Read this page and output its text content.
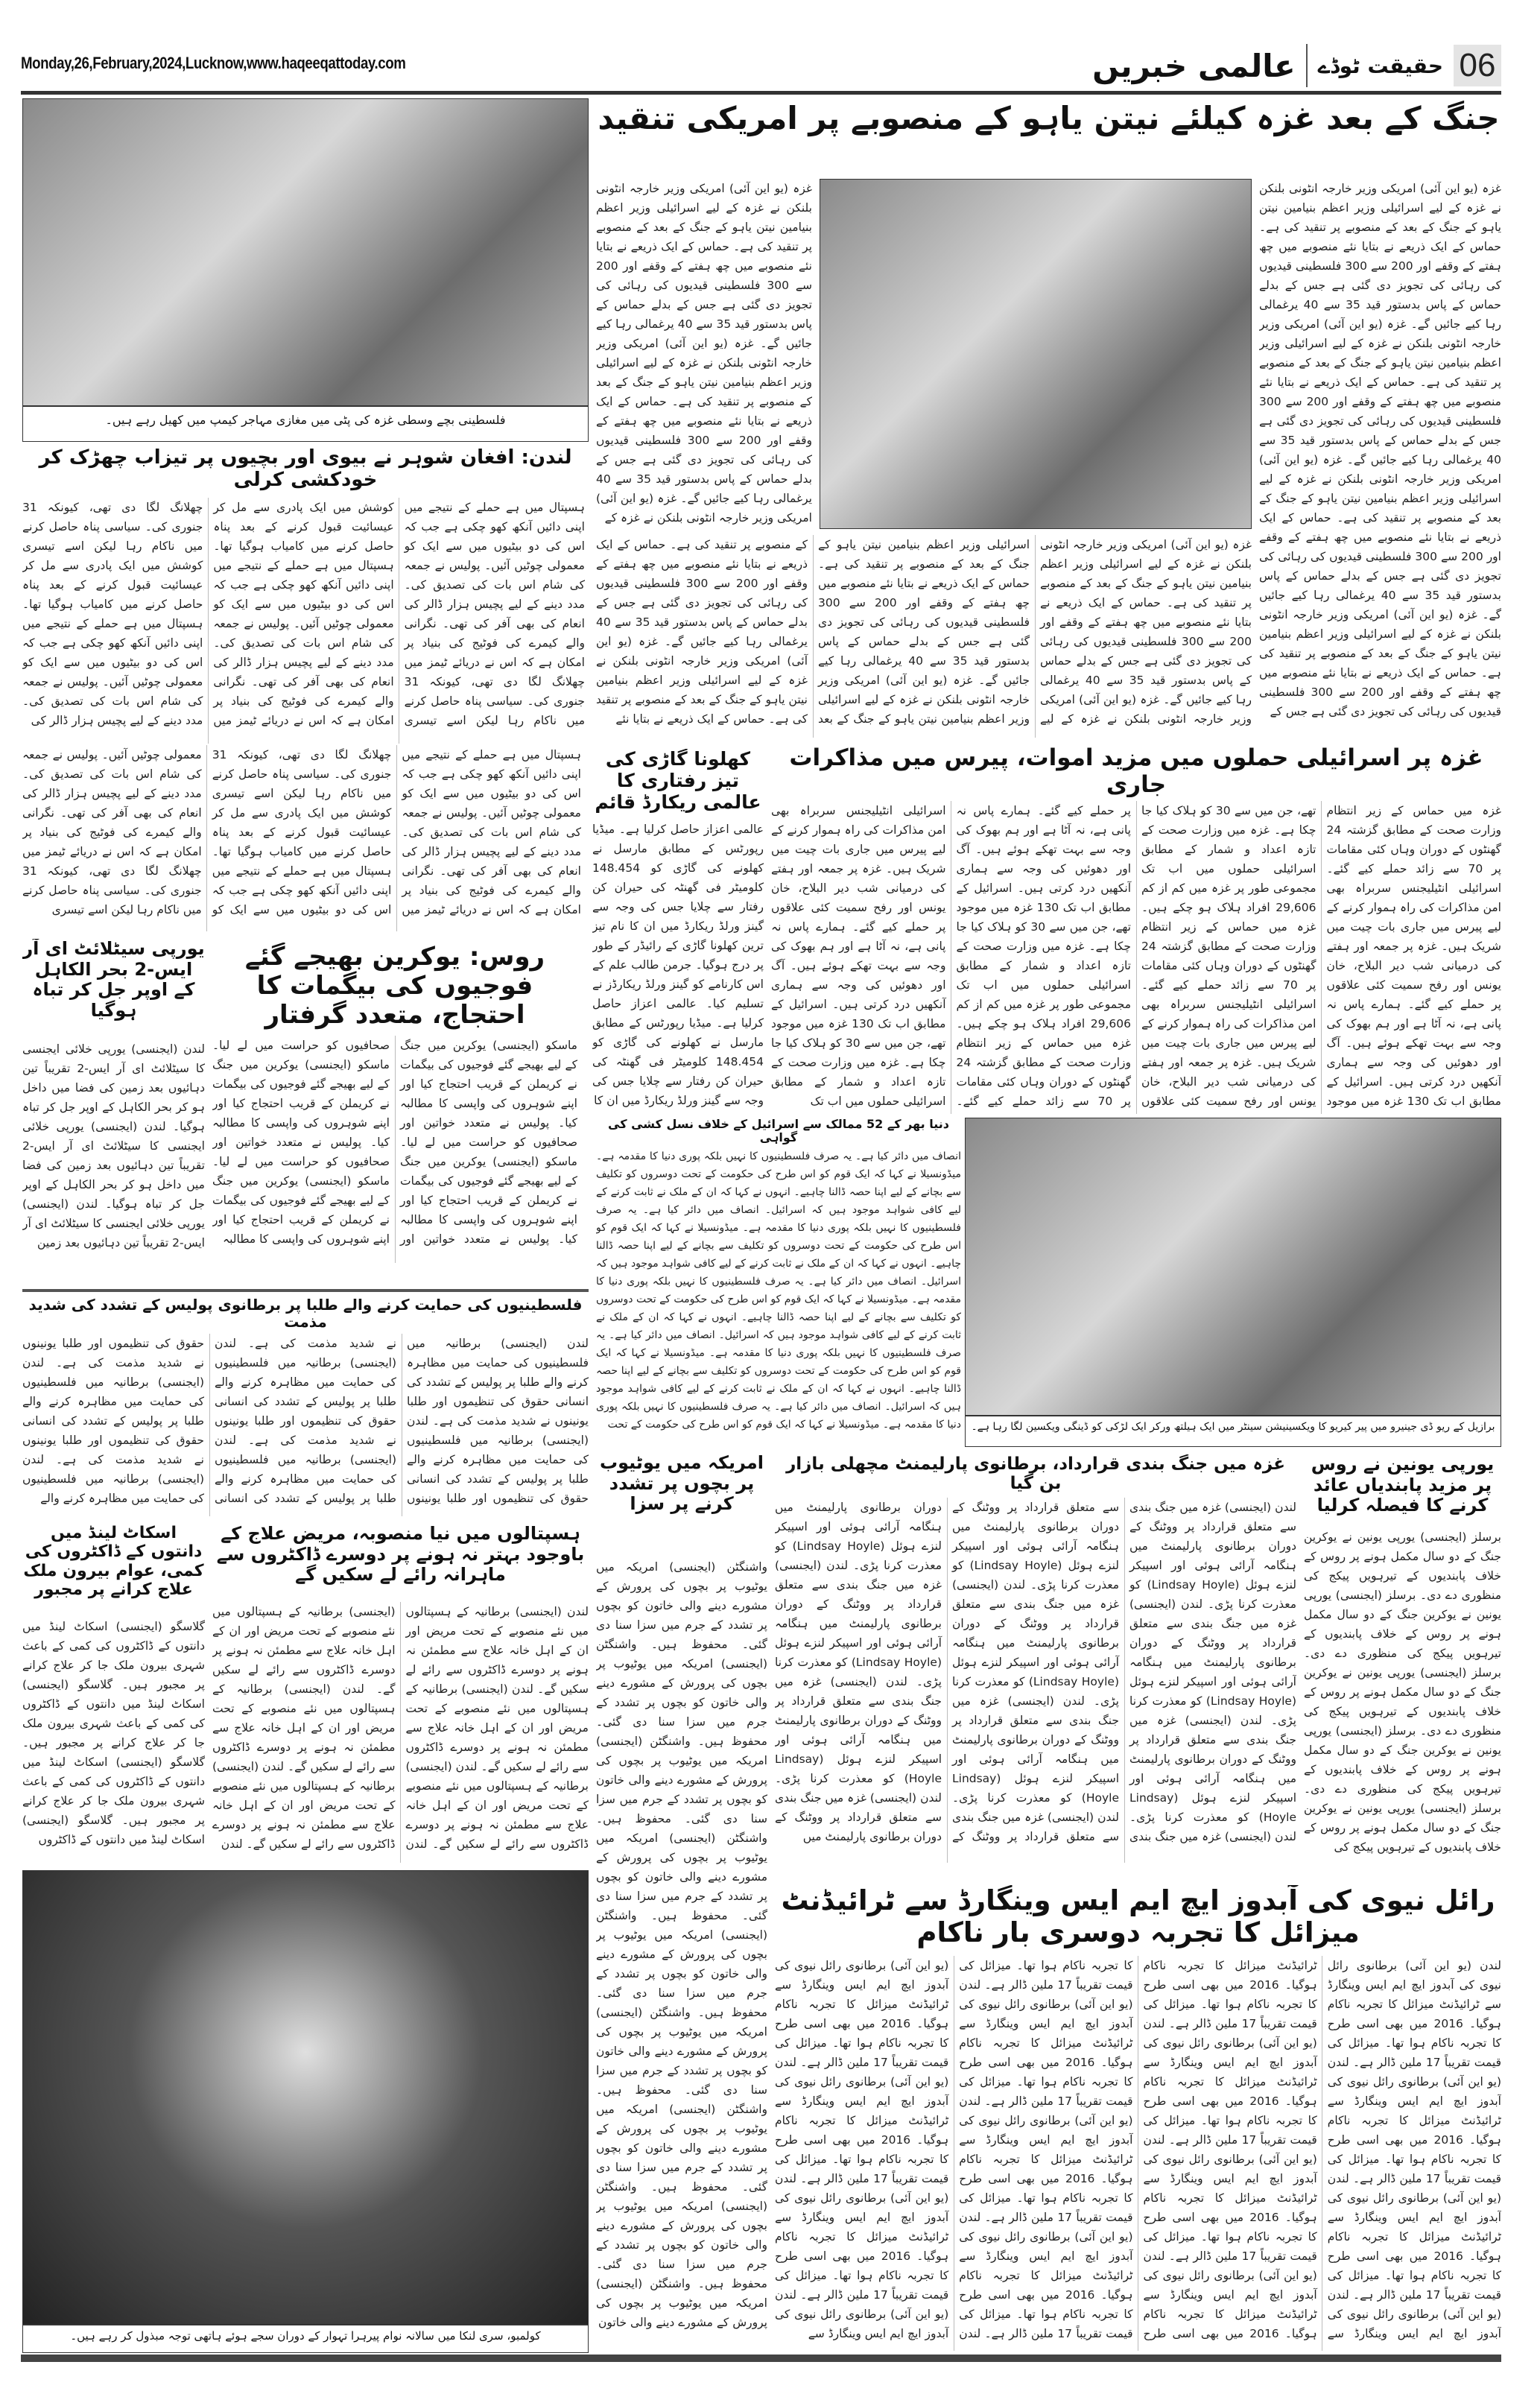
Monday,26,February,2024,Lucknow,www.haqeeqattoday.com	06
حقیقت ٹوڈے
عالمی خبریں
فلسطینی بچے وسطی غزہ کی پٹی میں مغازی مہاجر کیمپ میں کھیل رہے ہیں۔
جنگ کے بعد غزہ کیلئے نیتن یاہو کے منصوبے پر امریکی تنقید
غزہ (یو این آئی) امریکی وزیر خارجہ انٹونی بلنکن نے غزہ کے لیے اسرائیلی وزیر اعظم بنیامین نیتن یاہو کے جنگ کے بعد کے منصوبے پر تنقید کی ہے۔ حماس کے ایک ذریعے نے بتایا نئے منصوبے میں چھ ہفتے کے وقفے اور 200 سے 300 فلسطینی قیدیوں کی رہائی کی تجویز دی گئی ہے جس کے بدلے حماس کے پاس بدستور قید 35 سے 40 یرغمالی رہا کیے جائیں گے۔ غزہ (یو این آئی) امریکی وزیر خارجہ انٹونی بلنکن نے غزہ کے لیے اسرائیلی وزیر اعظم بنیامین نیتن یاہو کے جنگ کے بعد کے منصوبے پر تنقید کی ہے۔ حماس کے ایک ذریعے نے بتایا نئے منصوبے میں چھ ہفتے کے وقفے اور 200 سے 300 فلسطینی قیدیوں کی رہائی کی تجویز دی گئی ہے جس کے بدلے حماس کے پاس بدستور قید 35 سے 40 یرغمالی رہا کیے جائیں گے۔ غزہ (یو این آئی) امریکی وزیر خارجہ انٹونی بلنکن نے غزہ کے لیے اسرائیلی وزیر اعظم بنیامین نیتن یاہو کے جنگ کے بعد کے منصوبے پر تنقید کی ہے۔ حماس کے ایک ذریعے نے بتایا نئے منصوبے میں چھ ہفتے کے وقفے اور 200 سے 300 فلسطینی قیدیوں کی رہائی کی تجویز دی گئی ہے جس کے بدلے حماس کے پاس بدستور قید 35 سے 40 یرغمالی رہا کیے جائیں گے۔ غزہ (یو این آئی) امریکی وزیر خارجہ انٹونی بلنکن نے غزہ کے لیے اسرائیلی وزیر اعظم بنیامین نیتن یاہو کے جنگ کے بعد کے منصوبے پر تنقید کی ہے۔ حماس کے ایک ذریعے نے بتایا نئے منصوبے میں چھ ہفتے کے وقفے اور 200 سے 300 فلسطینی قیدیوں کی رہائی کی تجویز دی گئی ہے جس کے
غزہ (یو این آئی) امریکی وزیر خارجہ انٹونی بلنکن نے غزہ کے لیے اسرائیلی وزیر اعظم بنیامین نیتن یاہو کے جنگ کے بعد کے منصوبے پر تنقید کی ہے۔ حماس کے ایک ذریعے نے بتایا نئے منصوبے میں چھ ہفتے کے وقفے اور 200 سے 300 فلسطینی قیدیوں کی رہائی کی تجویز دی گئی ہے جس کے بدلے حماس کے پاس بدستور قید 35 سے 40 یرغمالی رہا کیے جائیں گے۔ غزہ (یو این آئی) امریکی وزیر خارجہ انٹونی بلنکن نے غزہ کے لیے اسرائیلی وزیر اعظم بنیامین نیتن یاہو کے جنگ کے بعد کے منصوبے پر تنقید کی ہے۔ حماس کے ایک ذریعے نے بتایا نئے منصوبے میں چھ ہفتے کے وقفے اور 200 سے 300 فلسطینی قیدیوں کی رہائی کی تجویز دی گئی ہے جس کے بدلے حماس کے پاس بدستور قید 35 سے 40 یرغمالی رہا کیے جائیں گے۔ غزہ (یو این آئی) امریکی وزیر خارجہ انٹونی بلنکن نے غزہ کے
غزہ (یو این آئی) امریکی وزیر خارجہ انٹونی بلنکن نے غزہ کے لیے اسرائیلی وزیر اعظم بنیامین نیتن یاہو کے جنگ کے بعد کے منصوبے پر تنقید کی ہے۔ حماس کے ایک ذریعے نے بتایا نئے منصوبے میں چھ ہفتے کے وقفے اور 200 سے 300 فلسطینی قیدیوں کی رہائی کی تجویز دی گئی ہے جس کے بدلے حماس کے پاس بدستور قید 35 سے 40 یرغمالی رہا کیے جائیں گے۔ غزہ (یو این آئی) امریکی وزیر خارجہ انٹونی بلنکن نے غزہ کے لیے اسرائیلی وزیر اعظم بنیامین نیتن یاہو کے جنگ کے بعد کے منصوبے پر تنقید کی ہے۔ حماس کے ایک ذریعے نے بتایا نئے منصوبے میں چھ ہفتے کے وقفے اور 200 سے 300 فلسطینی قیدیوں کی رہائی کی تجویز دی گئی ہے جس کے بدلے حماس کے پاس بدستور قید 35 سے 40 یرغمالی رہا کیے جائیں گے۔ غزہ (یو این آئی) امریکی وزیر خارجہ انٹونی بلنکن نے غزہ کے لیے اسرائیلی وزیر اعظم بنیامین نیتن یاہو کے جنگ کے بعد کے منصوبے پر تنقید کی ہے۔ حماس کے ایک ذریعے نے بتایا نئے منصوبے میں چھ ہفتے کے وقفے اور 200 سے 300 فلسطینی قیدیوں کی رہائی کی تجویز دی گئی ہے جس کے بدلے حماس کے پاس بدستور قید 35 سے 40 یرغمالی رہا کیے جائیں گے۔ غزہ (یو این آئی) امریکی وزیر خارجہ انٹونی بلنکن نے غزہ کے لیے اسرائیلی وزیر اعظم بنیامین نیتن یاہو کے جنگ کے بعد کے منصوبے پر تنقید کی ہے۔ حماس کے ایک ذریعے نے بتایا نئے
لندن: افغان شوہر نے بیوی اور بچیوں پر تیزاب چھڑک کر خودکشی کرلی
ہسپتال میں ہے حملے کے نتیجے میں اپنی دائیں آنکھ کھو چکی ہے جب کہ اس کی دو بیٹیوں میں سے ایک کو معمولی چوٹیں آئیں۔ پولیس نے جمعہ کی شام اس بات کی تصدیق کی۔ مدد دینے کے لیے پچیس ہزار ڈالر کی انعام کی بھی آفر کی تھی۔ نگرانی والے کیمرے کی فوٹیج کی بنیاد پر امکان ہے کہ اس نے دریائے ٹیمز میں چھلانگ لگا دی تھی، کیونکہ 31 جنوری کی۔ سیاسی پناہ حاصل کرنے میں ناکام رہا لیکن اسے تیسری کوشش میں ایک پادری سے مل کر عیسائیت قبول کرنے کے بعد پناہ حاصل کرنے میں کامیاب ہوگیا تھا۔ ہسپتال میں ہے حملے کے نتیجے میں اپنی دائیں آنکھ کھو چکی ہے جب کہ اس کی دو بیٹیوں میں سے ایک کو معمولی چوٹیں آئیں۔ پولیس نے جمعہ کی شام اس بات کی تصدیق کی۔ مدد دینے کے لیے پچیس ہزار ڈالر کی انعام کی بھی آفر کی تھی۔ نگرانی والے کیمرے کی فوٹیج کی بنیاد پر امکان ہے کہ اس نے دریائے ٹیمز میں چھلانگ لگا دی تھی، کیونکہ 31 جنوری کی۔ سیاسی پناہ حاصل کرنے میں ناکام رہا لیکن اسے تیسری کوشش میں ایک پادری سے مل کر عیسائیت قبول کرنے کے بعد پناہ حاصل کرنے میں کامیاب ہوگیا تھا۔ ہسپتال میں ہے حملے کے نتیجے میں اپنی دائیں آنکھ کھو چکی ہے جب کہ اس کی دو بیٹیوں میں سے ایک کو معمولی چوٹیں آئیں۔ پولیس نے جمعہ کی شام اس بات کی تصدیق کی۔ مدد دینے کے لیے پچیس ہزار ڈالر کی
ہسپتال میں ہے حملے کے نتیجے میں اپنی دائیں آنکھ کھو چکی ہے جب کہ اس کی دو بیٹیوں میں سے ایک کو معمولی چوٹیں آئیں۔ پولیس نے جمعہ کی شام اس بات کی تصدیق کی۔ مدد دینے کے لیے پچیس ہزار ڈالر کی انعام کی بھی آفر کی تھی۔ نگرانی والے کیمرے کی فوٹیج کی بنیاد پر امکان ہے کہ اس نے دریائے ٹیمز میں چھلانگ لگا دی تھی، کیونکہ 31 جنوری کی۔ سیاسی پناہ حاصل کرنے میں ناکام رہا لیکن اسے تیسری کوشش میں ایک پادری سے مل کر عیسائیت قبول کرنے کے بعد پناہ حاصل کرنے میں کامیاب ہوگیا تھا۔ ہسپتال میں ہے حملے کے نتیجے میں اپنی دائیں آنکھ کھو چکی ہے جب کہ اس کی دو بیٹیوں میں سے ایک کو معمولی چوٹیں آئیں۔ پولیس نے جمعہ کی شام اس بات کی تصدیق کی۔ مدد دینے کے لیے پچیس ہزار ڈالر کی انعام کی بھی آفر کی تھی۔ نگرانی والے کیمرے کی فوٹیج کی بنیاد پر امکان ہے کہ اس نے دریائے ٹیمز میں چھلانگ لگا دی تھی، کیونکہ 31 جنوری کی۔ سیاسی پناہ حاصل کرنے میں ناکام رہا لیکن اسے تیسری
کھلونا گاڑی کی تیز رفتاری کا عالمی ریکارڈ قائم
عالمی اعزاز حاصل کرلیا ہے۔ میڈیا رپورٹس کے مطابق مارسل نے کھلونے کی گاڑی کو 148.454 کلومیٹر فی گھنٹہ کی حیران کن رفتار سے چلایا جس کی وجہ سے گینز ورلڈ ریکارڈ میں ان کا نام تیز ترین کھلونا گاڑی کے رائیڈر کے طور پر درج ہوگیا۔ جرمن طالب علم کے اس کارنامے کو گینز ورلڈ ریکارڈز نے تسلیم کیا۔ عالمی اعزاز حاصل کرلیا ہے۔ میڈیا رپورٹس کے مطابق مارسل نے کھلونے کی گاڑی کو 148.454 کلومیٹر فی گھنٹہ کی حیران کن رفتار سے چلایا جس کی وجہ سے گینز ورلڈ ریکارڈ میں ان کا
غزہ پر اسرائیلی حملوں میں مزید اموات، پیرس میں مذاکرات جاری
غزہ میں حماس کے زیر انتظام وزارت صحت کے مطابق گزشتہ 24 گھنٹوں کے دوران وہاں کئی مقامات پر 70 سے زائد حملے کیے گئے۔ اسرائیلی انٹیلیجنس سربراہ بھی امن مذاکرات کی راہ ہموار کرنے کے لیے پیرس میں جاری بات چیت میں شریک ہیں۔ غزہ پر جمعہ اور ہفتے کی درمیانی شب دیر البلاح، خان یونس اور رفح سمیت کئی علاقوں پر حملے کیے گئے۔ ہمارے پاس نہ پانی ہے، نہ آٹا ہے اور ہم بھوک کی وجہ سے بہت تھکے ہوئے ہیں۔ آگ اور دھوئیں کی وجہ سے ہماری آنکھیں درد کرتی ہیں۔ اسرائیل کے مطابق اب تک 130 غزہ میں موجود تھے، جن میں سے 30 کو ہلاک کیا جا چکا ہے۔ غزہ میں وزارت صحت کے تازہ اعداد و شمار کے مطابق اسرائیلی حملوں میں اب تک مجموعی طور پر غزہ میں کم از کم 29,606 افراد ہلاک ہو چکے ہیں۔ غزہ میں حماس کے زیر انتظام وزارت صحت کے مطابق گزشتہ 24 گھنٹوں کے دوران وہاں کئی مقامات پر 70 سے زائد حملے کیے گئے۔ اسرائیلی انٹیلیجنس سربراہ بھی امن مذاکرات کی راہ ہموار کرنے کے لیے پیرس میں جاری بات چیت میں شریک ہیں۔ غزہ پر جمعہ اور ہفتے کی درمیانی شب دیر البلاح، خان یونس اور رفح سمیت کئی علاقوں پر حملے کیے گئے۔ ہمارے پاس نہ پانی ہے، نہ آٹا ہے اور ہم بھوک کی وجہ سے بہت تھکے ہوئے ہیں۔ آگ اور دھوئیں کی وجہ سے ہماری آنکھیں درد کرتی ہیں۔ اسرائیل کے مطابق اب تک 130 غزہ میں موجود تھے، جن میں سے 30 کو ہلاک کیا جا چکا ہے۔ غزہ میں وزارت صحت کے تازہ اعداد و شمار کے مطابق اسرائیلی حملوں میں اب تک مجموعی طور پر غزہ میں کم از کم 29,606 افراد ہلاک ہو چکے ہیں۔ غزہ میں حماس کے زیر انتظام وزارت صحت کے مطابق گزشتہ 24 گھنٹوں کے دوران وہاں کئی مقامات پر 70 سے زائد حملے کیے گئے۔ اسرائیلی انٹیلیجنس سربراہ بھی امن مذاکرات کی راہ ہموار کرنے کے لیے پیرس میں جاری بات چیت میں شریک ہیں۔ غزہ پر جمعہ اور ہفتے کی درمیانی شب دیر البلاح، خان یونس اور رفح سمیت کئی علاقوں پر حملے کیے گئے۔ ہمارے پاس نہ پانی ہے، نہ آٹا ہے اور ہم بھوک کی وجہ سے بہت تھکے ہوئے ہیں۔ آگ اور دھوئیں کی وجہ سے ہماری آنکھیں درد کرتی ہیں۔ اسرائیل کے مطابق اب تک 130 غزہ میں موجود تھے، جن میں سے 30 کو ہلاک کیا جا چکا ہے۔ غزہ میں وزارت صحت کے تازہ اعداد و شمار کے مطابق اسرائیلی حملوں میں اب تک
یورپی سیٹلائٹ ای آر ایس-2 بحر الکاہل کے اوپر جل کر تباہ ہوگیا
لندن (ایجنسی) یورپی خلائی ایجنسی کا سیٹلائٹ ای آر ایس-2 تقریباً تین دہائیوں بعد زمین کی فضا میں داخل ہو کر بحر الکاہل کے اوپر جل کر تباہ ہوگیا۔ لندن (ایجنسی) یورپی خلائی ایجنسی کا سیٹلائٹ ای آر ایس-2 تقریباً تین دہائیوں بعد زمین کی فضا میں داخل ہو کر بحر الکاہل کے اوپر جل کر تباہ ہوگیا۔ لندن (ایجنسی) یورپی خلائی ایجنسی کا سیٹلائٹ ای آر ایس-2 تقریباً تین دہائیوں بعد زمین
روس: یوکرین بھیجے گئے فوجیوں کی بیگمات کا احتجاج، متعدد گرفتار
ماسکو (ایجنسی) یوکرین میں جنگ کے لیے بھیجے گئے فوجیوں کی بیگمات نے کریملن کے قریب احتجاج کیا اور اپنے شوہروں کی واپسی کا مطالبہ کیا۔ پولیس نے متعدد خواتین اور صحافیوں کو حراست میں لے لیا۔ ماسکو (ایجنسی) یوکرین میں جنگ کے لیے بھیجے گئے فوجیوں کی بیگمات نے کریملن کے قریب احتجاج کیا اور اپنے شوہروں کی واپسی کا مطالبہ کیا۔ پولیس نے متعدد خواتین اور صحافیوں کو حراست میں لے لیا۔ ماسکو (ایجنسی) یوکرین میں جنگ کے لیے بھیجے گئے فوجیوں کی بیگمات نے کریملن کے قریب احتجاج کیا اور اپنے شوہروں کی واپسی کا مطالبہ کیا۔ پولیس نے متعدد خواتین اور صحافیوں کو حراست میں لے لیا۔ ماسکو (ایجنسی) یوکرین میں جنگ کے لیے بھیجے گئے فوجیوں کی بیگمات نے کریملن کے قریب احتجاج کیا اور اپنے شوہروں کی واپسی کا مطالبہ
دنیا بھر کے 52 ممالک سے اسرائیل کے خلاف نسل کشی کی گواہی
انصاف میں دائر کیا ہے۔ یہ صرف فلسطینیوں کا نہیں بلکہ پوری دنیا کا مقدمہ ہے۔ میڈونسیلا نے کہا کہ ایک قوم کو اس طرح کی حکومت کے تحت دوسروں کو تکلیف سے بچانے کے لیے اپنا حصہ ڈالنا چاہیے۔ انہوں نے کہا کہ ان کے ملک نے ثابت کرنے کے لیے کافی شواہد موجود ہیں کہ اسرائیل۔ انصاف میں دائر کیا ہے۔ یہ صرف فلسطینیوں کا نہیں بلکہ پوری دنیا کا مقدمہ ہے۔ میڈونسیلا نے کہا کہ ایک قوم کو اس طرح کی حکومت کے تحت دوسروں کو تکلیف سے بچانے کے لیے اپنا حصہ ڈالنا چاہیے۔ انہوں نے کہا کہ ان کے ملک نے ثابت کرنے کے لیے کافی شواہد موجود ہیں کہ اسرائیل۔ انصاف میں دائر کیا ہے۔ یہ صرف فلسطینیوں کا نہیں بلکہ پوری دنیا کا مقدمہ ہے۔ میڈونسیلا نے کہا کہ ایک قوم کو اس طرح کی حکومت کے تحت دوسروں کو تکلیف سے بچانے کے لیے اپنا حصہ ڈالنا چاہیے۔ انہوں نے کہا کہ ان کے ملک نے ثابت کرنے کے لیے کافی شواہد موجود ہیں کہ اسرائیل۔ انصاف میں دائر کیا ہے۔ یہ صرف فلسطینیوں کا نہیں بلکہ پوری دنیا کا مقدمہ ہے۔ میڈونسیلا نے کہا کہ ایک قوم کو اس طرح کی حکومت کے تحت دوسروں کو تکلیف سے بچانے کے لیے اپنا حصہ ڈالنا چاہیے۔ انہوں نے کہا کہ ان کے ملک نے ثابت کرنے کے لیے کافی شواہد موجود ہیں کہ اسرائیل۔ انصاف میں دائر کیا ہے۔ یہ صرف فلسطینیوں کا نہیں بلکہ پوری دنیا کا مقدمہ ہے۔ میڈونسیلا نے کہا کہ ایک قوم کو اس طرح کی حکومت کے تحت برازیل کے ریو ڈی جینیرو میں پیر کیریو کا ویکسینیشن سینٹر میں ایک ہیلتھ ورکر ایک لڑکی کو ڈینگی ویکسین لگا رہا ہے۔
فلسطینیوں کی حمایت کرنے والے طلبا پر برطانوی پولیس کے تشدد کی شدید مذمت
لندن (ایجنسی) برطانیہ میں فلسطینیوں کی حمایت میں مظاہرہ کرنے والے طلبا پر پولیس کے تشدد کی انسانی حقوق کی تنظیموں اور طلبا یونینوں نے شدید مذمت کی ہے۔ لندن (ایجنسی) برطانیہ میں فلسطینیوں کی حمایت میں مظاہرہ کرنے والے طلبا پر پولیس کے تشدد کی انسانی حقوق کی تنظیموں اور طلبا یونینوں نے شدید مذمت کی ہے۔ لندن (ایجنسی) برطانیہ میں فلسطینیوں کی حمایت میں مظاہرہ کرنے والے طلبا پر پولیس کے تشدد کی انسانی حقوق کی تنظیموں اور طلبا یونینوں نے شدید مذمت کی ہے۔ لندن (ایجنسی) برطانیہ میں فلسطینیوں کی حمایت میں مظاہرہ کرنے والے طلبا پر پولیس کے تشدد کی انسانی حقوق کی تنظیموں اور طلبا یونینوں نے شدید مذمت کی ہے۔ لندن (ایجنسی) برطانیہ میں فلسطینیوں کی حمایت میں مظاہرہ کرنے والے طلبا پر پولیس کے تشدد کی انسانی حقوق کی تنظیموں اور طلبا یونینوں نے شدید مذمت کی ہے۔ لندن (ایجنسی) برطانیہ میں فلسطینیوں کی حمایت میں مظاہرہ کرنے والے
امریکہ میں یوٹیوب پر بچوں پر تشدد کرنے پر سزا
واشنگٹن (ایجنسی) امریکہ میں یوٹیوب پر بچوں کی پرورش کے مشورے دینے والی خاتون کو بچوں پر تشدد کے جرم میں سزا سنا دی گئی۔ محفوظ ہیں۔ واشنگٹن (ایجنسی) امریکہ میں یوٹیوب پر بچوں کی پرورش کے مشورے دینے والی خاتون کو بچوں پر تشدد کے جرم میں سزا سنا دی گئی۔ محفوظ ہیں۔ واشنگٹن (ایجنسی) امریکہ میں یوٹیوب پر بچوں کی پرورش کے مشورے دینے والی خاتون کو بچوں پر تشدد کے جرم میں سزا سنا دی گئی۔ محفوظ ہیں۔ واشنگٹن (ایجنسی) امریکہ میں یوٹیوب پر بچوں کی پرورش کے مشورے دینے والی خاتون کو بچوں پر تشدد کے جرم میں سزا سنا دی گئی۔ محفوظ ہیں۔ واشنگٹن (ایجنسی) امریکہ میں یوٹیوب پر بچوں کی پرورش کے مشورے دینے والی خاتون کو بچوں پر تشدد کے جرم میں سزا سنا دی گئی۔ محفوظ ہیں۔ واشنگٹن (ایجنسی) امریکہ میں یوٹیوب پر بچوں کی پرورش کے مشورے دینے والی خاتون کو بچوں پر تشدد کے جرم میں سزا سنا دی گئی۔ محفوظ ہیں۔ واشنگٹن (ایجنسی) امریکہ میں یوٹیوب پر بچوں کی پرورش کے مشورے دینے والی خاتون کو بچوں پر تشدد کے جرم میں سزا سنا دی گئی۔ محفوظ ہیں۔ واشنگٹن (ایجنسی) امریکہ میں یوٹیوب پر بچوں کی پرورش کے مشورے دینے والی خاتون کو بچوں پر تشدد کے جرم میں سزا سنا دی گئی۔ محفوظ ہیں۔ واشنگٹن (ایجنسی) امریکہ میں یوٹیوب پر بچوں کی پرورش کے مشورے دینے والی خاتون
غزہ میں جنگ بندی قرارداد، برطانوی پارلیمنٹ مچھلی بازار بن گیا
لندن (ایجنسی) غزہ میں جنگ بندی سے متعلق قرارداد پر ووٹنگ کے دوران برطانوی پارلیمنٹ میں ہنگامہ آرائی ہوئی اور اسپیکر لنزے ہوئل (Lindsay Hoyle) کو معذرت کرنا پڑی۔ لندن (ایجنسی) غزہ میں جنگ بندی سے متعلق قرارداد پر ووٹنگ کے دوران برطانوی پارلیمنٹ میں ہنگامہ آرائی ہوئی اور اسپیکر لنزے ہوئل (Lindsay Hoyle) کو معذرت کرنا پڑی۔ لندن (ایجنسی) غزہ میں جنگ بندی سے متعلق قرارداد پر ووٹنگ کے دوران برطانوی پارلیمنٹ میں ہنگامہ آرائی ہوئی اور اسپیکر لنزے ہوئل (Lindsay Hoyle) کو معذرت کرنا پڑی۔ لندن (ایجنسی) غزہ میں جنگ بندی سے متعلق قرارداد پر ووٹنگ کے دوران برطانوی پارلیمنٹ میں ہنگامہ آرائی ہوئی اور اسپیکر لنزے ہوئل (Lindsay Hoyle) کو معذرت کرنا پڑی۔ لندن (ایجنسی) غزہ میں جنگ بندی سے متعلق قرارداد پر ووٹنگ کے دوران برطانوی پارلیمنٹ میں ہنگامہ آرائی ہوئی اور اسپیکر لنزے ہوئل (Lindsay Hoyle) کو معذرت کرنا پڑی۔ لندن (ایجنسی) غزہ میں جنگ بندی سے متعلق قرارداد پر ووٹنگ کے دوران برطانوی پارلیمنٹ میں ہنگامہ آرائی ہوئی اور اسپیکر لنزے ہوئل (Lindsay Hoyle) کو معذرت کرنا پڑی۔ لندن (ایجنسی) غزہ میں جنگ بندی سے متعلق قرارداد پر ووٹنگ کے دوران برطانوی پارلیمنٹ میں ہنگامہ آرائی ہوئی اور اسپیکر لنزے ہوئل (Lindsay Hoyle) کو معذرت کرنا پڑی۔ لندن (ایجنسی) غزہ میں جنگ بندی سے متعلق قرارداد پر ووٹنگ کے دوران برطانوی پارلیمنٹ میں ہنگامہ آرائی ہوئی اور اسپیکر لنزے ہوئل (Lindsay Hoyle) کو معذرت کرنا پڑی۔ لندن (ایجنسی) غزہ میں جنگ بندی سے متعلق قرارداد پر ووٹنگ کے دوران برطانوی پارلیمنٹ میں ہنگامہ آرائی ہوئی اور اسپیکر لنزے ہوئل (Lindsay Hoyle) کو معذرت کرنا پڑی۔ لندن (ایجنسی) غزہ میں جنگ بندی سے متعلق قرارداد پر ووٹنگ کے دوران برطانوی پارلیمنٹ میں
یورپی یونین نے روس پر مزید پابندیاں عائد کرنے کا فیصلہ کرلیا
برسلز (ایجنسی) یورپی یونین نے یوکرین جنگ کے دو سال مکمل ہونے پر روس کے خلاف پابندیوں کے تیرہویں پیکج کی منظوری دے دی۔ برسلز (ایجنسی) یورپی یونین نے یوکرین جنگ کے دو سال مکمل ہونے پر روس کے خلاف پابندیوں کے تیرہویں پیکج کی منظوری دے دی۔ برسلز (ایجنسی) یورپی یونین نے یوکرین جنگ کے دو سال مکمل ہونے پر روس کے خلاف پابندیوں کے تیرہویں پیکج کی منظوری دے دی۔ برسلز (ایجنسی) یورپی یونین نے یوکرین جنگ کے دو سال مکمل ہونے پر روس کے خلاف پابندیوں کے تیرہویں پیکج کی منظوری دے دی۔ برسلز (ایجنسی) یورپی یونین نے یوکرین جنگ کے دو سال مکمل ہونے پر روس کے خلاف پابندیوں کے تیرہویں پیکج کی
ہسپتالوں میں نیا منصوبہ، مریض علاج کے باوجود بہتر نہ ہونے پر دوسرے ڈاکٹروں سے ماہرانہ رائے لے سکیں گے
لندن (ایجنسی) برطانیہ کے ہسپتالوں میں نئے منصوبے کے تحت مریض اور ان کے اہل خانہ علاج سے مطمئن نہ ہونے پر دوسرے ڈاکٹروں سے رائے لے سکیں گے۔ لندن (ایجنسی) برطانیہ کے ہسپتالوں میں نئے منصوبے کے تحت مریض اور ان کے اہل خانہ علاج سے مطمئن نہ ہونے پر دوسرے ڈاکٹروں سے رائے لے سکیں گے۔ لندن (ایجنسی) برطانیہ کے ہسپتالوں میں نئے منصوبے کے تحت مریض اور ان کے اہل خانہ علاج سے مطمئن نہ ہونے پر دوسرے ڈاکٹروں سے رائے لے سکیں گے۔ لندن (ایجنسی) برطانیہ کے ہسپتالوں میں نئے منصوبے کے تحت مریض اور ان کے اہل خانہ علاج سے مطمئن نہ ہونے پر دوسرے ڈاکٹروں سے رائے لے سکیں گے۔ لندن (ایجنسی) برطانیہ کے ہسپتالوں میں نئے منصوبے کے تحت مریض اور ان کے اہل خانہ علاج سے مطمئن نہ ہونے پر دوسرے ڈاکٹروں سے رائے لے سکیں گے۔ لندن (ایجنسی) برطانیہ کے ہسپتالوں میں نئے منصوبے کے تحت مریض اور ان کے اہل خانہ علاج سے مطمئن نہ ہونے پر دوسرے ڈاکٹروں سے رائے لے سکیں گے۔ لندن
اسکاٹ لینڈ میں دانتوں کے ڈاکٹروں کی کمی، عوام بیرون ملک علاج کرانے پر مجبور
گلاسگو (ایجنسی) اسکاٹ لینڈ میں دانتوں کے ڈاکٹروں کی کمی کے باعث شہری بیرون ملک جا کر علاج کرانے پر مجبور ہیں۔ گلاسگو (ایجنسی) اسکاٹ لینڈ میں دانتوں کے ڈاکٹروں کی کمی کے باعث شہری بیرون ملک جا کر علاج کرانے پر مجبور ہیں۔ گلاسگو (ایجنسی) اسکاٹ لینڈ میں دانتوں کے ڈاکٹروں کی کمی کے باعث شہری بیرون ملک جا کر علاج کرانے پر مجبور ہیں۔ گلاسگو (ایجنسی) اسکاٹ لینڈ میں دانتوں کے ڈاکٹروں
کولمبو، سری لنکا میں سالانہ نوام پیرہرا تہوار کے دوران سجے ہوئے ہاتھی توجہ مبذول کر رہے ہیں۔
رائل نیوی کی آبدوز ایچ ایم ایس وینگارڈ سے ٹرائیڈنٹ میزائل کا تجربہ دوسری بار ناکام
لندن (یو این آئی) برطانوی رائل نیوی کی آبدوز ایچ ایم ایس وینگارڈ سے ٹرائیڈنٹ میزائل کا تجربہ ناکام ہوگیا۔ 2016 میں بھی اسی طرح کا تجربہ ناکام ہوا تھا۔ میزائل کی قیمت تقریباً 17 ملین ڈالر ہے۔ لندن (یو این آئی) برطانوی رائل نیوی کی آبدوز ایچ ایم ایس وینگارڈ سے ٹرائیڈنٹ میزائل کا تجربہ ناکام ہوگیا۔ 2016 میں بھی اسی طرح کا تجربہ ناکام ہوا تھا۔ میزائل کی قیمت تقریباً 17 ملین ڈالر ہے۔ لندن (یو این آئی) برطانوی رائل نیوی کی آبدوز ایچ ایم ایس وینگارڈ سے ٹرائیڈنٹ میزائل کا تجربہ ناکام ہوگیا۔ 2016 میں بھی اسی طرح کا تجربہ ناکام ہوا تھا۔ میزائل کی قیمت تقریباً 17 ملین ڈالر ہے۔ لندن (یو این آئی) برطانوی رائل نیوی کی آبدوز ایچ ایم ایس وینگارڈ سے ٹرائیڈنٹ میزائل کا تجربہ ناکام ہوگیا۔ 2016 میں بھی اسی طرح کا تجربہ ناکام ہوا تھا۔ میزائل کی قیمت تقریباً 17 ملین ڈالر ہے۔ لندن (یو این آئی) برطانوی رائل نیوی کی آبدوز ایچ ایم ایس وینگارڈ سے ٹرائیڈنٹ میزائل کا تجربہ ناکام ہوگیا۔ 2016 میں بھی اسی طرح کا تجربہ ناکام ہوا تھا۔ میزائل کی قیمت تقریباً 17 ملین ڈالر ہے۔ لندن (یو این آئی) برطانوی رائل نیوی کی آبدوز ایچ ایم ایس وینگارڈ سے ٹرائیڈنٹ میزائل کا تجربہ ناکام ہوگیا۔ 2016 میں بھی اسی طرح کا تجربہ ناکام ہوا تھا۔ میزائل کی قیمت تقریباً 17 ملین ڈالر ہے۔ لندن (یو این آئی) برطانوی رائل نیوی کی آبدوز ایچ ایم ایس وینگارڈ سے ٹرائیڈنٹ میزائل کا تجربہ ناکام ہوگیا۔ 2016 میں بھی اسی طرح کا تجربہ ناکام ہوا تھا۔ میزائل کی قیمت تقریباً 17 ملین ڈالر ہے۔ لندن (یو این آئی) برطانوی رائل نیوی کی آبدوز ایچ ایم ایس وینگارڈ سے ٹرائیڈنٹ میزائل کا تجربہ ناکام ہوگیا۔ 2016 میں بھی اسی طرح کا تجربہ ناکام ہوا تھا۔ میزائل کی قیمت تقریباً 17 ملین ڈالر ہے۔ لندن (یو این آئی) برطانوی رائل نیوی کی آبدوز ایچ ایم ایس وینگارڈ سے ٹرائیڈنٹ میزائل کا تجربہ ناکام ہوگیا۔ 2016 میں بھی اسی طرح کا تجربہ ناکام ہوا تھا۔ میزائل کی قیمت تقریباً 17 ملین ڈالر ہے۔ لندن (یو این آئی) برطانوی رائل نیوی کی آبدوز ایچ ایم ایس وینگارڈ سے ٹرائیڈنٹ میزائل کا تجربہ ناکام ہوگیا۔ 2016 میں بھی اسی طرح کا تجربہ ناکام ہوا تھا۔ میزائل کی قیمت تقریباً 17 ملین ڈالر ہے۔ لندن (یو این آئی) برطانوی رائل نیوی کی آبدوز ایچ ایم ایس وینگارڈ سے ٹرائیڈنٹ میزائل کا تجربہ ناکام ہوگیا۔ 2016 میں بھی اسی طرح کا تجربہ ناکام ہوا تھا۔ میزائل کی قیمت تقریباً 17 ملین ڈالر ہے۔ لندن (یو این آئی) برطانوی رائل نیوی کی آبدوز ایچ ایم ایس وینگارڈ سے ٹرائیڈنٹ میزائل کا تجربہ ناکام ہوگیا۔ 2016 میں بھی اسی طرح کا تجربہ ناکام ہوا تھا۔ میزائل کی قیمت تقریباً 17 ملین ڈالر ہے۔ لندن (یو این آئی) برطانوی رائل نیوی کی آبدوز ایچ ایم ایس وینگارڈ سے ٹرائیڈنٹ میزائل کا تجربہ ناکام ہوگیا۔ 2016 میں بھی اسی طرح کا تجربہ ناکام ہوا تھا۔ میزائل کی قیمت تقریباً 17 ملین ڈالر ہے۔ لندن (یو این آئی) برطانوی رائل نیوی کی آبدوز ایچ ایم ایس وینگارڈ سے
